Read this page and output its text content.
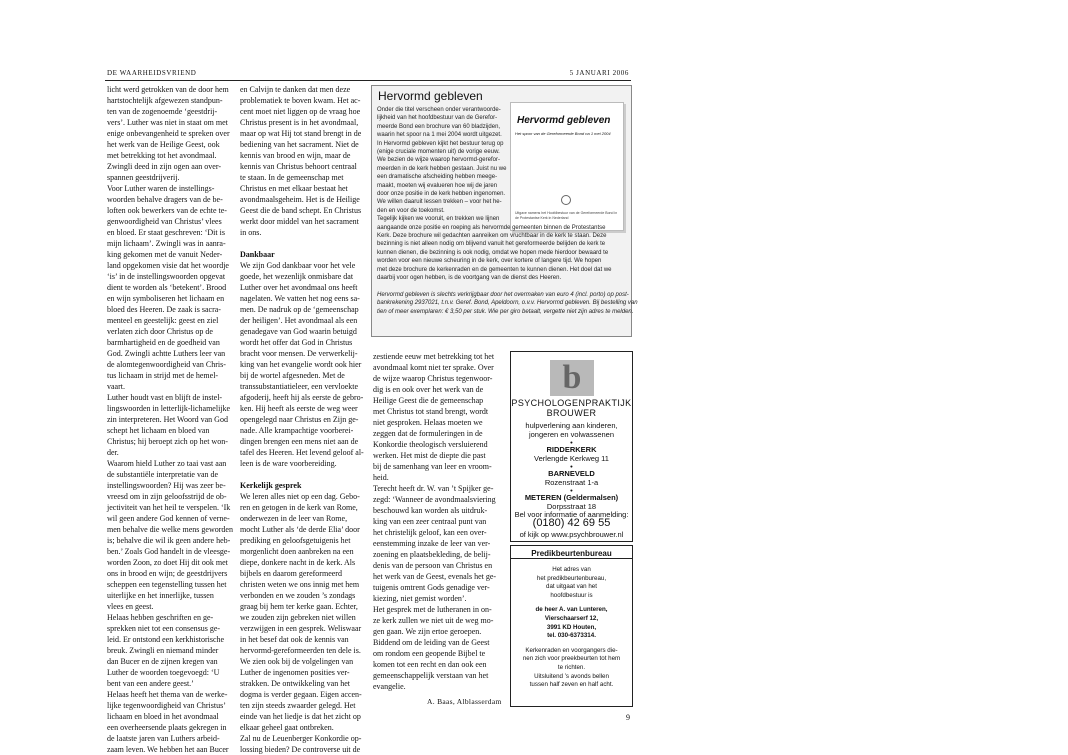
DE WAARHEIDSVRIEND	5 JANUARI 2006
licht werd getrokken van de door hem
hartstochtelijk afgewezen standpun-
ten van de zogenoemde ‘geestdrij-
vers’. Luther was niet in staat om met
enige onbevangenheid te spreken over
het werk van de Heilige Geest, ook
met betrekking tot het avondmaal.
Zwingli deed in zijn ogen aan over-
spannen geestdrijverij.
Voor Luther waren de instellings-
woorden behalve dragers van de be-
loften ook bewerkers van de echte te-
genwoordigheid van Christus’ vlees
en bloed. Er staat geschreven: ‘Dit is
mijn lichaam’. Zwingli was in aanra-
king gekomen met de vanuit Neder-
land opgekomen visie dat het woordje
‘is’ in de instellingswoorden opgevat
dient te worden als ‘betekent’. Brood
en wijn symboliseren het lichaam en
bloed des Heeren. De zaak is sacra-
menteel en geestelijk: geest en ziel
verlaten zich door Christus op de
barmhartigheid en de goedheid van
God. Zwingli achtte Luthers leer van
de alomtegenwoordigheid van Chris-
tus lichaam in strijd met de hemel-
vaart.
Luther houdt vast en blijft de instel-
lingswoorden in letterlijk-lichamelijke
zin interpreteren. Het Woord van God
schept het lichaam en bloed van
Christus; hij beroept zich op het won-
der.
Waarom hield Luther zo taai vast aan
de substantiële interpretatie van de
instellingswoorden? Hij was zeer be-
vreesd om in zijn geloofsstrijd de ob-
jectiviteit van het heil te verspelen. ‘Ik
wil geen andere God kennen of verne-
men behalve die welke mens geworden
is; behalve die wil ik geen andere heb-
ben.’ Zoals God handelt in de vleesge-
worden Zoon, zo doet Hij dit ook met
ons in brood en wijn; de geestdrijvers
scheppen een tegenstelling tussen het
uiterlijke en het innerlijke, tussen
vlees en geest.
Helaas hebben geschriften en ge-
sprekken niet tot een consensus ge-
leid. Er ontstond een kerkhistorische
breuk. Zwingli en niemand minder
dan Bucer en de zijnen kregen van
Luther de woorden toegevoegd: ‘U
bent van een andere geest.’
Helaas heeft het thema van de werke-
lijke tegenwoordigheid van Christus’
lichaam en bloed in het avondmaal
een overheersende plaats gekregen in
de laatste jaren van Luthers arbeid-
zaam leven. We hebben het aan Bucer
en Calvijn te danken dat men deze
problematiek te boven kwam. Het ac-
cent moet niet liggen op de vraag hoe
Christus present is in het avondmaal,
maar op wat Hij tot stand brengt in de
bediening van het sacrament. Niet de
kennis van brood en wijn, maar de
kennis van Christus behoort centraal
te staan. In de gemeenschap met
Christus en met elkaar bestaat het
avondmaalsgeheim. Het is de Heilige
Geest die de band schept. En Christus
werkt door middel van het sacrament
in ons.
Dankbaar
We zijn God dankbaar voor het vele
goede, het wezenlijk onmisbare dat
Luther over het avondmaal ons heeft
nagelaten. We vatten het nog eens sa-
men. De nadruk op de ‘gemeenschap
der heiligen’. Het avondmaal als een
genadegave van God waarin betuigd
wordt het offer dat God in Christus
bracht voor mensen. De verwerkelij-
king van het evangelie wordt ook hier
bij de wortel afgesneden. Met de
transsubstantiatieleer, een vervloekte
afgoderij, heeft hij als eerste de gebro-
ken. Hij heeft als eerste de weg weer
opengelegd naar Christus en Zijn ge-
nade. Alle krampachtige voorberei-
dingen brengen een mens niet aan de
tafel des Heeren. Het levend geloof al-
leen is de ware voorbereiding.
Kerkelijk gesprek
We leren alles niet op een dag. Gebo-
ren en getogen in de kerk van Rome,
onderwezen in de leer van Rome,
mocht Luther als ‘de derde Elia’ door
prediking en geloofsgetuigenis het
morgenlicht doen aanbreken na een
diepe, donkere nacht in de kerk. Als
bijbels en daarom gereformeerd
christen weten we ons innig met hem
verbonden en we zouden ’s zondags
graag bij hem ter kerke gaan. Echter,
we zouden zijn gebreken niet willen
verzwijgen in een gesprek. Weliswaar
in het besef dat ook de kennis van
hervormd-gereformeerden ten dele is.
We zien ook bij de volgelingen van
Luther de ingenomen posities ver-
strakken. De ontwikkeling van het
dogma is verder gegaan. Eigen accen-
ten zijn steeds zwaarder gelegd. Het
einde van het liedje is dat het zicht op
elkaar geheel gaat ontbreken.
Zal nu de Leuenberger Konkordie op-
lossing bieden? De controverse uit de
zestiende eeuw met betrekking tot het
avondmaal komt niet ter sprake. Over
de wijze waarop Christus tegenwoor-
dig is en ook over het werk van de
Heilige Geest die de gemeenschap
met Christus tot stand brengt, wordt
niet gesproken. Helaas moeten we
zeggen dat de formuleringen in de
Konkordie theologisch versluierend
werken. Het mist de diepte die past
bij de samenhang van leer en vroom-
heid.
Terecht heeft dr. W. van ’t Spijker ge-
zegd: ‘Wanneer de avondmaalsviering
beschouwd kan worden als uitdruk-
king van een zeer centraal punt van
het christelijk geloof, kan een over-
eenstemming inzake de leer van ver-
zoening en plaatsbekleding, de belij-
denis van de persoon van Christus en
het werk van de Geest, evenals het ge-
tuigenis omtrent Gods genadige ver-
kiezing, niet gemist worden’.
Het gesprek met de lutheranen in on-
ze kerk zullen we niet uit de weg mo-
gen gaan. We zijn ertoe geroepen.
Biddend om de leiding van de Geest
om rondom een geopende Bijbel te
komen tot een recht en dan ook een
gemeenschappelijk verstaan van het
evangelie.
A. Baas, Alblasserdam
Hervormd gebleven
Hervormd gebleven
Het spoor van de Gereformeerde Bond na 1 mei 2004
Uitgave namens het Hoofdbestuur van de Gereformeerde Bond in de Protestantse Kerk in Nederland
Onder die titel verscheen onder verantwoorde-
lijkheid van het hoofdbestuur van de Gerefor-
meerde Bond een brochure van 60 bladzijden,
waarin het spoor na 1 mei 2004 wordt uitgezet.
In Hervormd gebleven kijkt het bestuur terug op
(enige cruciale momenten uit) de vorige eeuw.
We bezien de wijze waarop hervormd-gerefor-
meerden in de kerk hebben gestaan. Juist nu we
een dramatische afscheiding hebben meege-
maakt, moeten wij evalueren hoe wij de jaren
door onze positie in de kerk hebben ingenomen.
We willen daaruit lessen trekken – voor het he-
den en voor de toekomst.
Tegelijk kijken we vooruit, en trekken we lijnen
aangaande onze positie en roeping als hervormde gemeenten binnen de Protestantse
Kerk. Deze brochure wil gedachten aanreiken om vruchtbaar in de kerk te staan. Deze
bezinning is niet alleen nodig om blijvend vanuit het gereformeerde belijden de kerk te
kunnen dienen, die bezinning is ook nodig, omdat we hopen mede hierdoor bewaard te
worden voor een nieuwe scheuring in de kerk, over kortere of langere tijd. We hopen
met deze brochure de kerkenraden en de gemeenten te kunnen dienen. Het doel dat we
daarbij voor ogen hebben, is de voortgang van de dienst des Heeren.
Hervormd gebleven is slechts verkrijgbaar door het overmaken van euro 4 (incl. porto) op post-
bankrekening 2937021, t.n.v. Geref. Bond, Apeldoorn, o.v.v. Hervormd gebleven. Bij bestelling van
tien of meer exemplaren: € 3,50 per stuk. Wie per giro betaalt, vergette niet zijn adres te melden.
b
PSYCHOLOGENPRAKTIJK
BROUWER
hulpverlening aan kinderen,
jongeren en volwassenen
•
RIDDERKERK
Verlengde Kerkweg 11
•
BARNEVELD
Rozenstraat 1-a
•
METEREN (Geldermalsen)
Dorpsstraat 18
Bel voor informatie of aanmelding:
(0180) 42 69 55
of kijk op www.psychbrouwer.nl
Predikbeurtenbureau
Het adres van
het predikbeurtenbureau,
dat uitgaat van het
hoofdbestuur is
de heer A. van Lunteren,
Vierschaarserf 12,
3991 KD Houten,
tel. 030-6373314.
Kerkenraden en voorgangers die-
nen zich voor preekbeurten tot hem
te richten.
Uitsluitend ’s avonds bellen
tussen half zeven en half acht.
9
